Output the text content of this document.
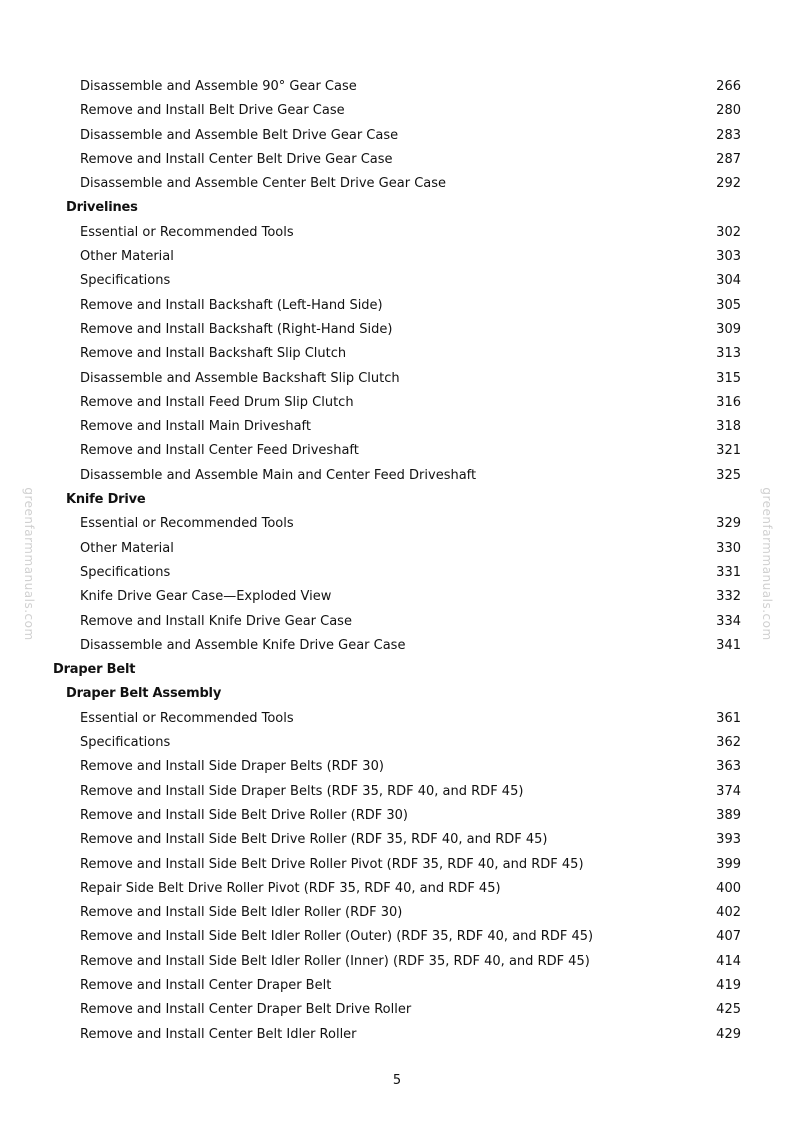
greenfarmmanuals.com	greenfarmmanuals.com
Disassemble and Assemble 90° Gear Case	266
Remove and Install Belt Drive Gear Case	280
Disassemble and Assemble Belt Drive Gear Case	283
Remove and Install Center Belt Drive Gear Case	287
Disassemble and Assemble Center Belt Drive Gear Case	292
Drivelines
Essential or Recommended Tools	302
Other Material	303
Specifications	304
Remove and Install Backshaft (Left-Hand Side)	305
Remove and Install Backshaft (Right-Hand Side)	309
Remove and Install Backshaft Slip Clutch	313
Disassemble and Assemble Backshaft Slip Clutch	315
Remove and Install Feed Drum Slip Clutch	316
Remove and Install Main Driveshaft	318
Remove and Install Center Feed Driveshaft	321
Disassemble and Assemble Main and Center Feed Driveshaft	325
Knife Drive
Essential or Recommended Tools	329
Other Material	330
Specifications	331
Knife Drive Gear Case—Exploded View	332
Remove and Install Knife Drive Gear Case	334
Disassemble and Assemble Knife Drive Gear Case	341
Draper Belt
Draper Belt Assembly
Essential or Recommended Tools	361
Specifications	362
Remove and Install Side Draper Belts (RDF 30)	363
Remove and Install Side Draper Belts (RDF 35, RDF 40, and RDF 45)	374
Remove and Install Side Belt Drive Roller (RDF 30)	389
Remove and Install Side Belt Drive Roller (RDF 35, RDF 40, and RDF 45)	393
Remove and Install Side Belt Drive Roller Pivot (RDF 35, RDF 40, and RDF 45)	399
Repair Side Belt Drive Roller Pivot (RDF 35, RDF 40, and RDF 45)	400
Remove and Install Side Belt Idler Roller (RDF 30)	402
Remove and Install Side Belt Idler Roller (Outer) (RDF 35, RDF 40, and RDF 45)	407
Remove and Install Side Belt Idler Roller (Inner) (RDF 35, RDF 40, and RDF 45)	414
Remove and Install Center Draper Belt	419
Remove and Install Center Draper Belt Drive Roller	425
Remove and Install Center Belt Idler Roller	429
5
